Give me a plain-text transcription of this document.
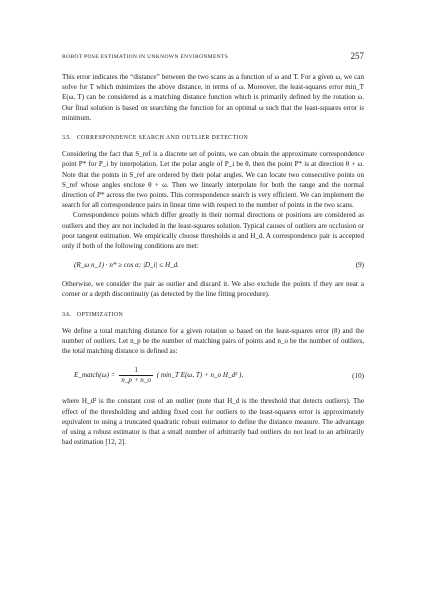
ROBOT POSE ESTIMATION IN UNKNOWN ENVIRONMENTS	257

This error indicates the “distance” between the two scans as a function of ω and T. For a given ω, we can solve for T which minimizes the above distance, in terms of ω. Moreover, the least-squares error min_T E(ω, T) can be considered as a matching distance function which is primarily defined by the rotation ω. Our final solution is based on searching the function for an optimal ω such that the least-squares error is minimum.

3.5. CORRESPONDENCE SEARCH AND OUTLIER DETECTION

Considering the fact that S_ref is a discrete set of points, we can obtain the approximate correspondence point P* for P_i by interpolation. Let the polar angle of P_i be θ, then the point P* is at direction θ + ω. Note that the points in S_ref are ordered by their polar angles. We can locate two consecutive points on S_ref whose angles enclose θ + ω. Then we linearly interpolate for both the range and the normal direction of P* across the two points. This correspondence search is very efficient. We can implement the search for all correspondence pairs in linear time with respect to the number of points in the two scans.

Correspondence points which differ greatly in their normal directions or positions are considered as outliers and they are not included in the least-squares solution. Typical causes of outliers are occlusion or poor tangent estimation. We empirically choose thresholds α and H_d. A correspondence pair is accepted only if both of the following conditions are met:

(R_ω n_1) · n* ≥ cos α; |D_i| ≤ H_d.	(9)

Otherwise, we consider the pair as outlier and discard it. We also exclude the points if they are near a corner or a depth discontinuity (as detected by the line fitting procedure).

3.6. OPTIMIZATION

We define a total matching distance for a given rotation ω based on the least-squares error (8) and the number of outliers. Let n_p be the number of matching pairs of points and n_o be the number of outliers, the total matching distance is defined as:

E_match(ω) = $\frac{1}{n\_p + n\_o}$ ( min_T E(ω, T) + n_o H_d² ),	(10)

where H_d² is the constant cost of an outlier (note that H_d is the threshold that detects outliers). The effect of the thresholding and adding fixed cost for outliers to the least-squares error is approximately equivalent to using a truncated quadratic robust estimator to define the distance measure. The advantage of using a robust estimator is that a small number of arbitrarily bad outliers do not lead to an arbitrarily bad estimation [12, 2].
